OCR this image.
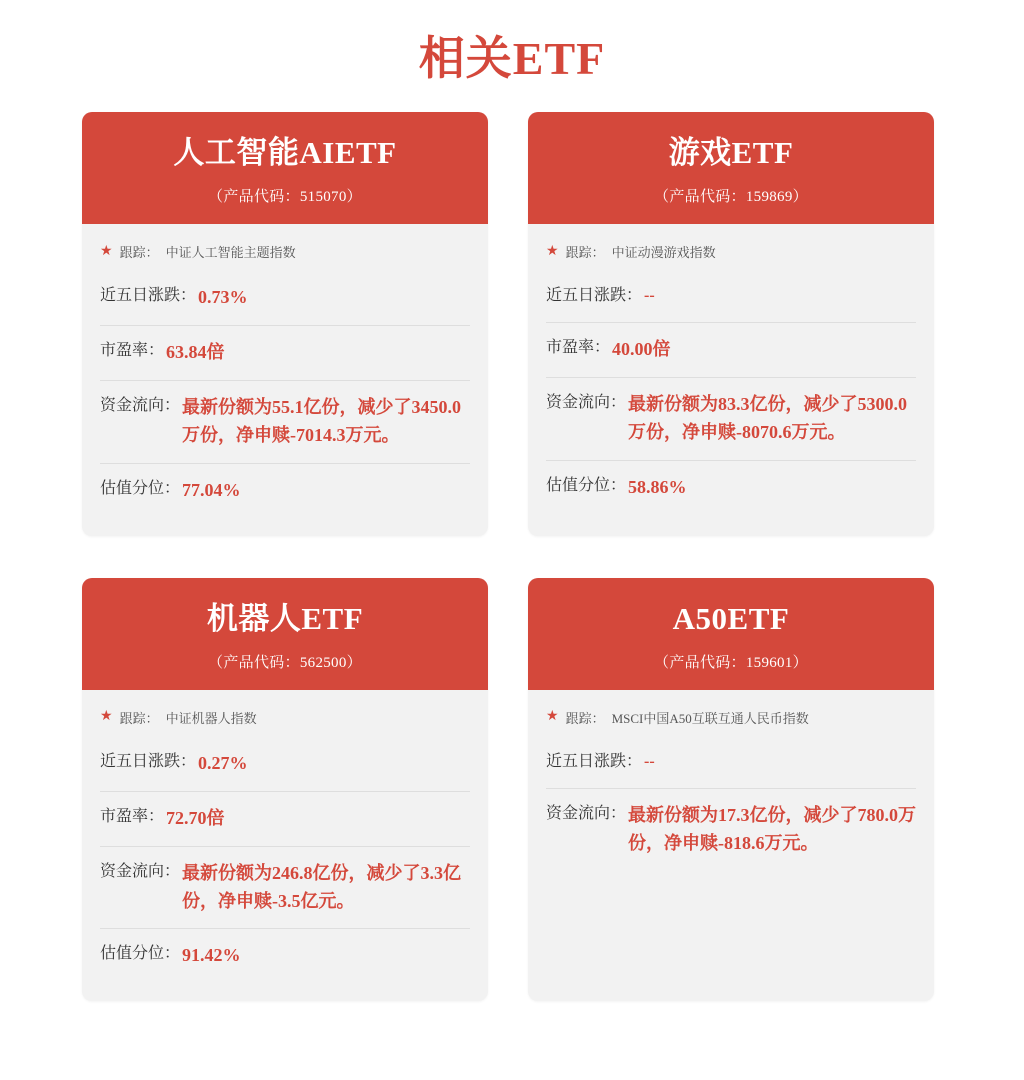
相关ETF
人工智能AIETF
（产品代码：515070）
★ 跟踪： 中证人工智能主题指数
近五日涨跌： 0.73%
市盈率： 63.84倍
资金流向： 最新份额为55.1亿份，减少了3450.0万份，净申赎-7014.3万元。
估值分位： 77.04%
游戏ETF
（产品代码：159869）
★ 跟踪： 中证动漫游戏指数
近五日涨跌： --
市盈率： 40.00倍
资金流向： 最新份额为83.3亿份，减少了5300.0万份，净申赎-8070.6万元。
估值分位： 58.86%
机器人ETF
（产品代码：562500）
★ 跟踪： 中证机器人指数
近五日涨跌： 0.27%
市盈率： 72.70倍
资金流向： 最新份额为246.8亿份，减少了3.3亿份，净申赎-3.5亿元。
估值分位： 91.42%
A50ETF
（产品代码：159601）
★ 跟踪： MSCI中国A50互联互通人民币指数
近五日涨跌： --
资金流向： 最新份额为17.3亿份，减少了780.0万份，净申赎-818.6万元。
